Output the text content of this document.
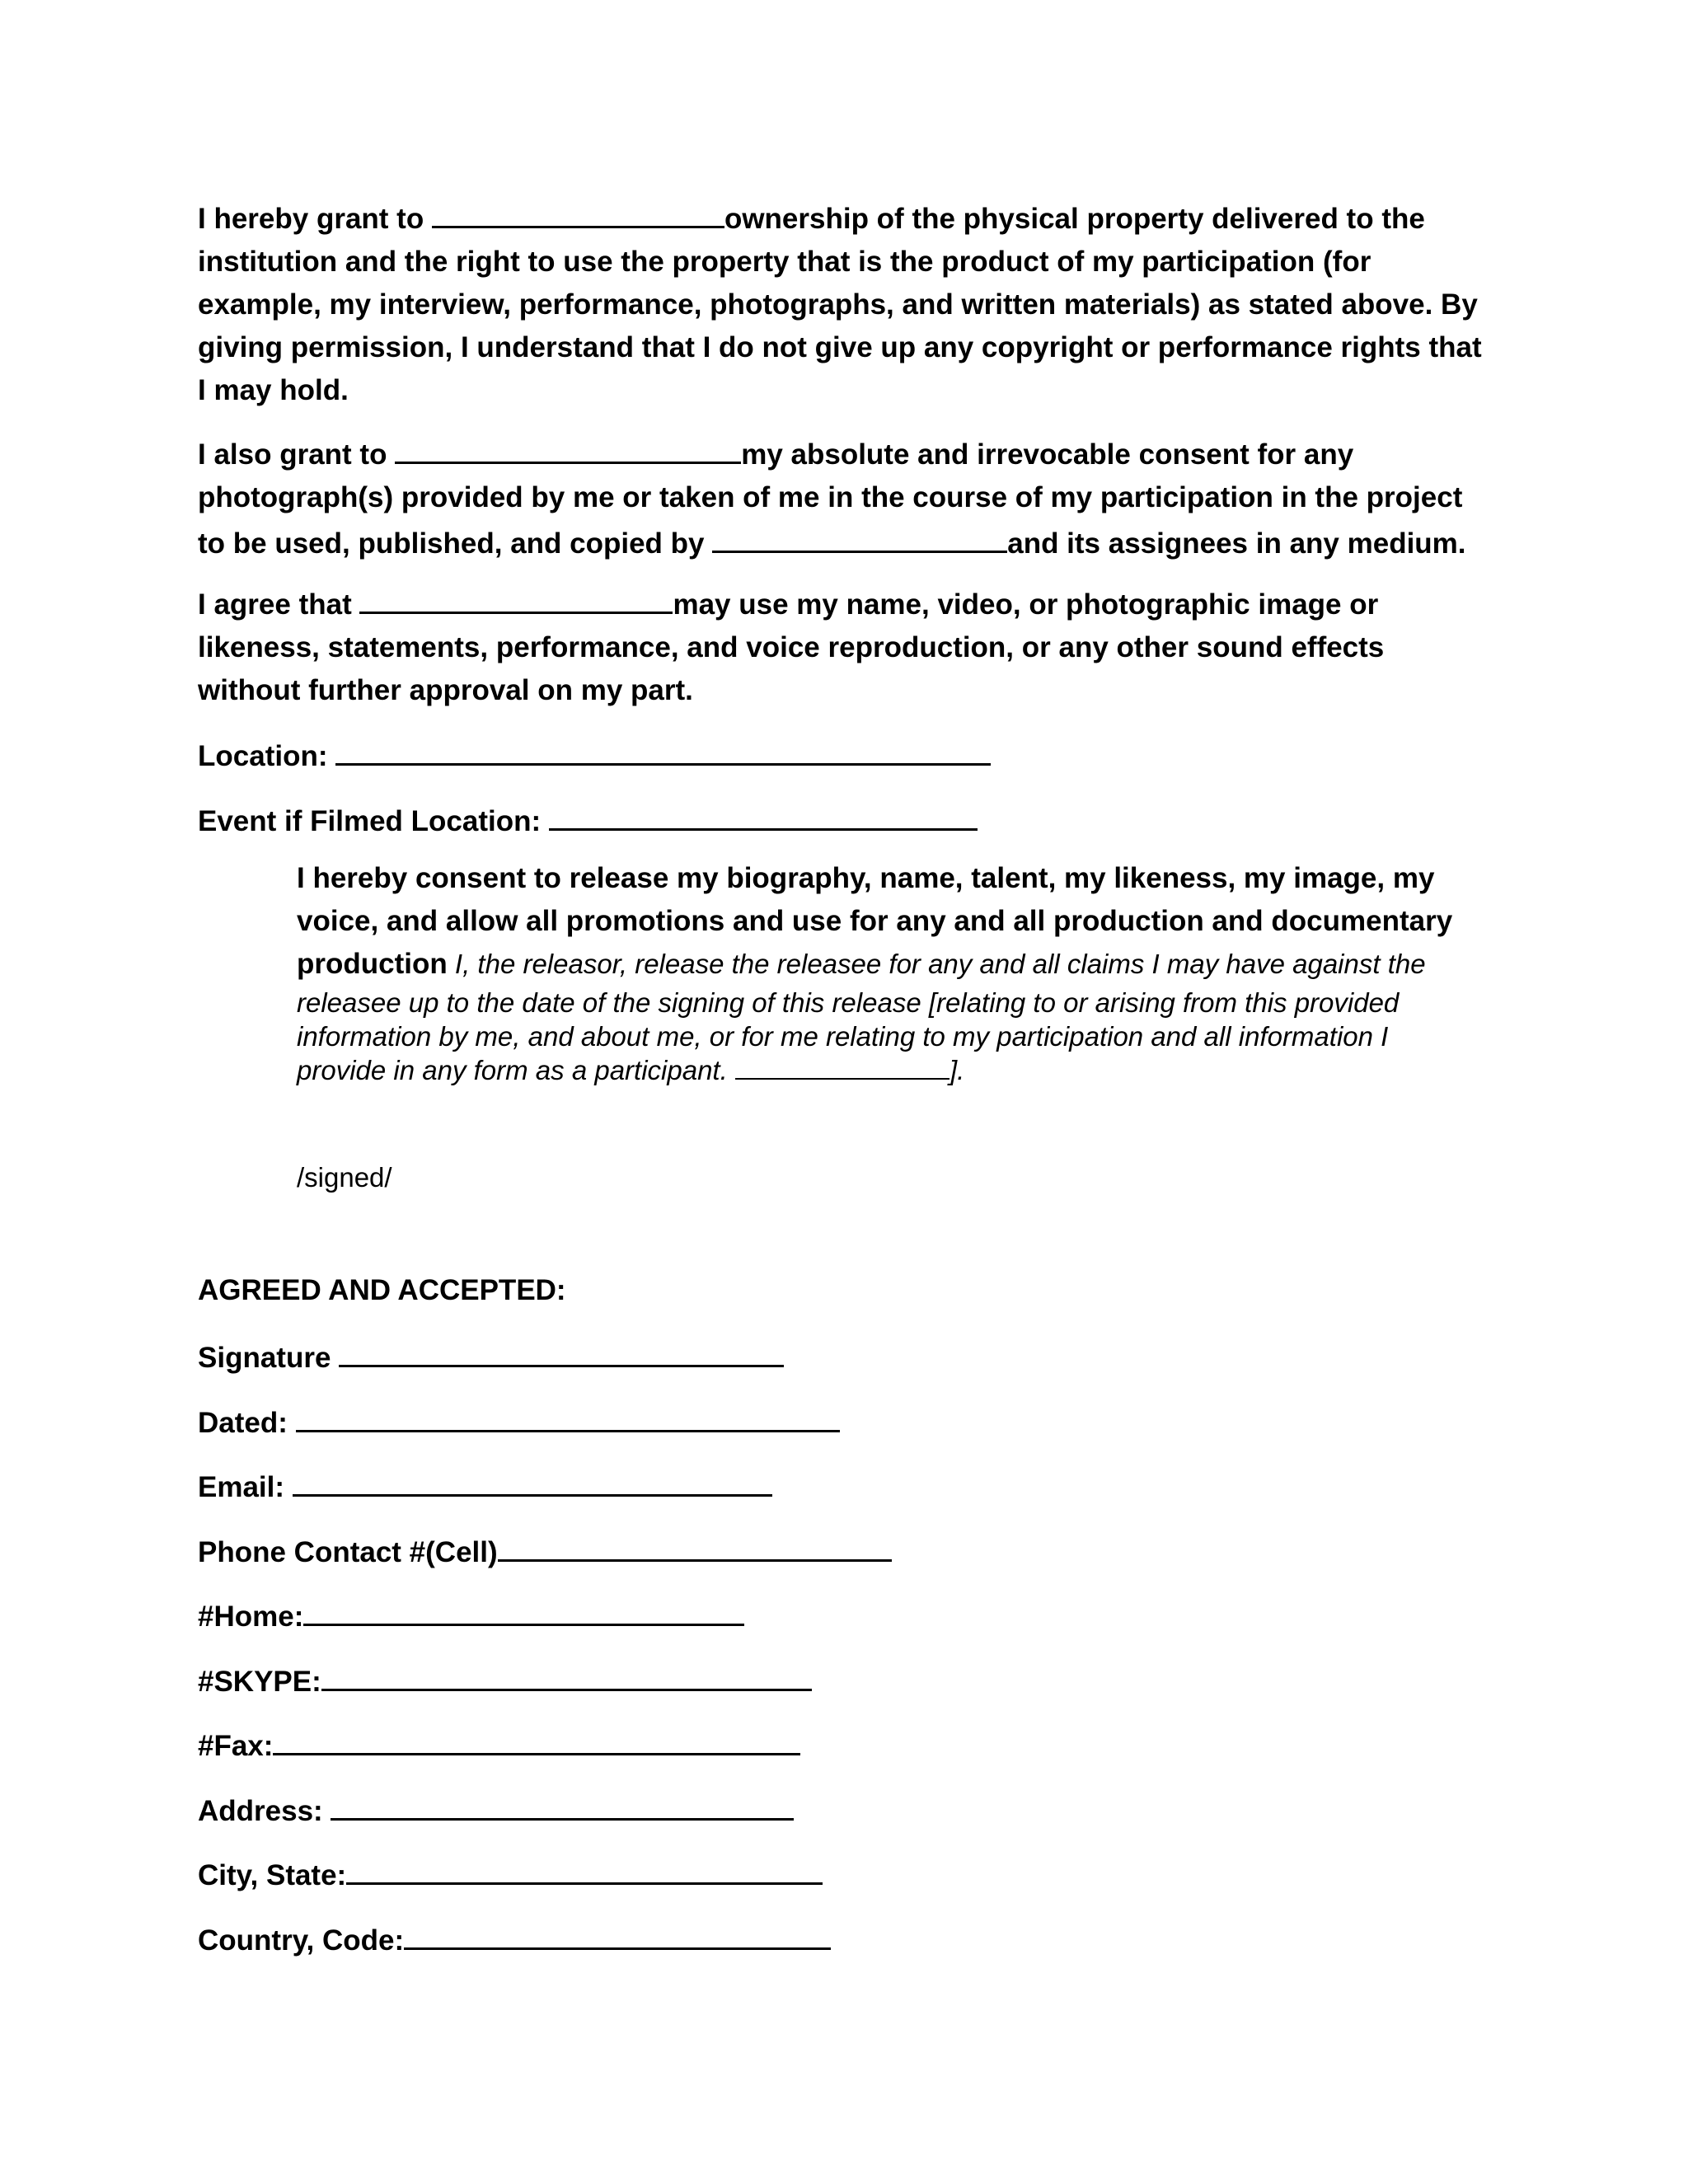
I hereby grant to	ownership of the physical property delivered to the institution and the right to use the property that is the product of my participation (for example, my interview, performance, photographs, and written materials) as stated above. By giving permission, I understand that I do not give up any copyright or performance rights that I may hold.

I also grant to	my absolute and irrevocable consent for any photograph(s) provided by me or taken of me in the course of my participation in the project to be used, published, and copied by	and its assignees in any medium.

I agree that	may use my name, video, or photographic image or likeness, statements, performance, and voice reproduction, or any other sound effects without further approval on my part.

Location:
Event if Filmed Location:

I hereby consent to release my biography, name, talent, my likeness, my image, my voice, and allow all promotions and use for any and all production and documentary production I, the releasor, release the releasee for any and all claims I may have against the releasee up to the date of the signing of this release [relating to or arising from this provided information by me, and about me, or for me relating to my participation and all information I provide in any form as a participant.	].

/signed/
AGREED AND ACCEPTED:
Signature
Dated:
Email:
Phone Contact #(Cell)
#Home:
#SKYPE:
#Fax:
Address:
City, State:
Country, Code:
